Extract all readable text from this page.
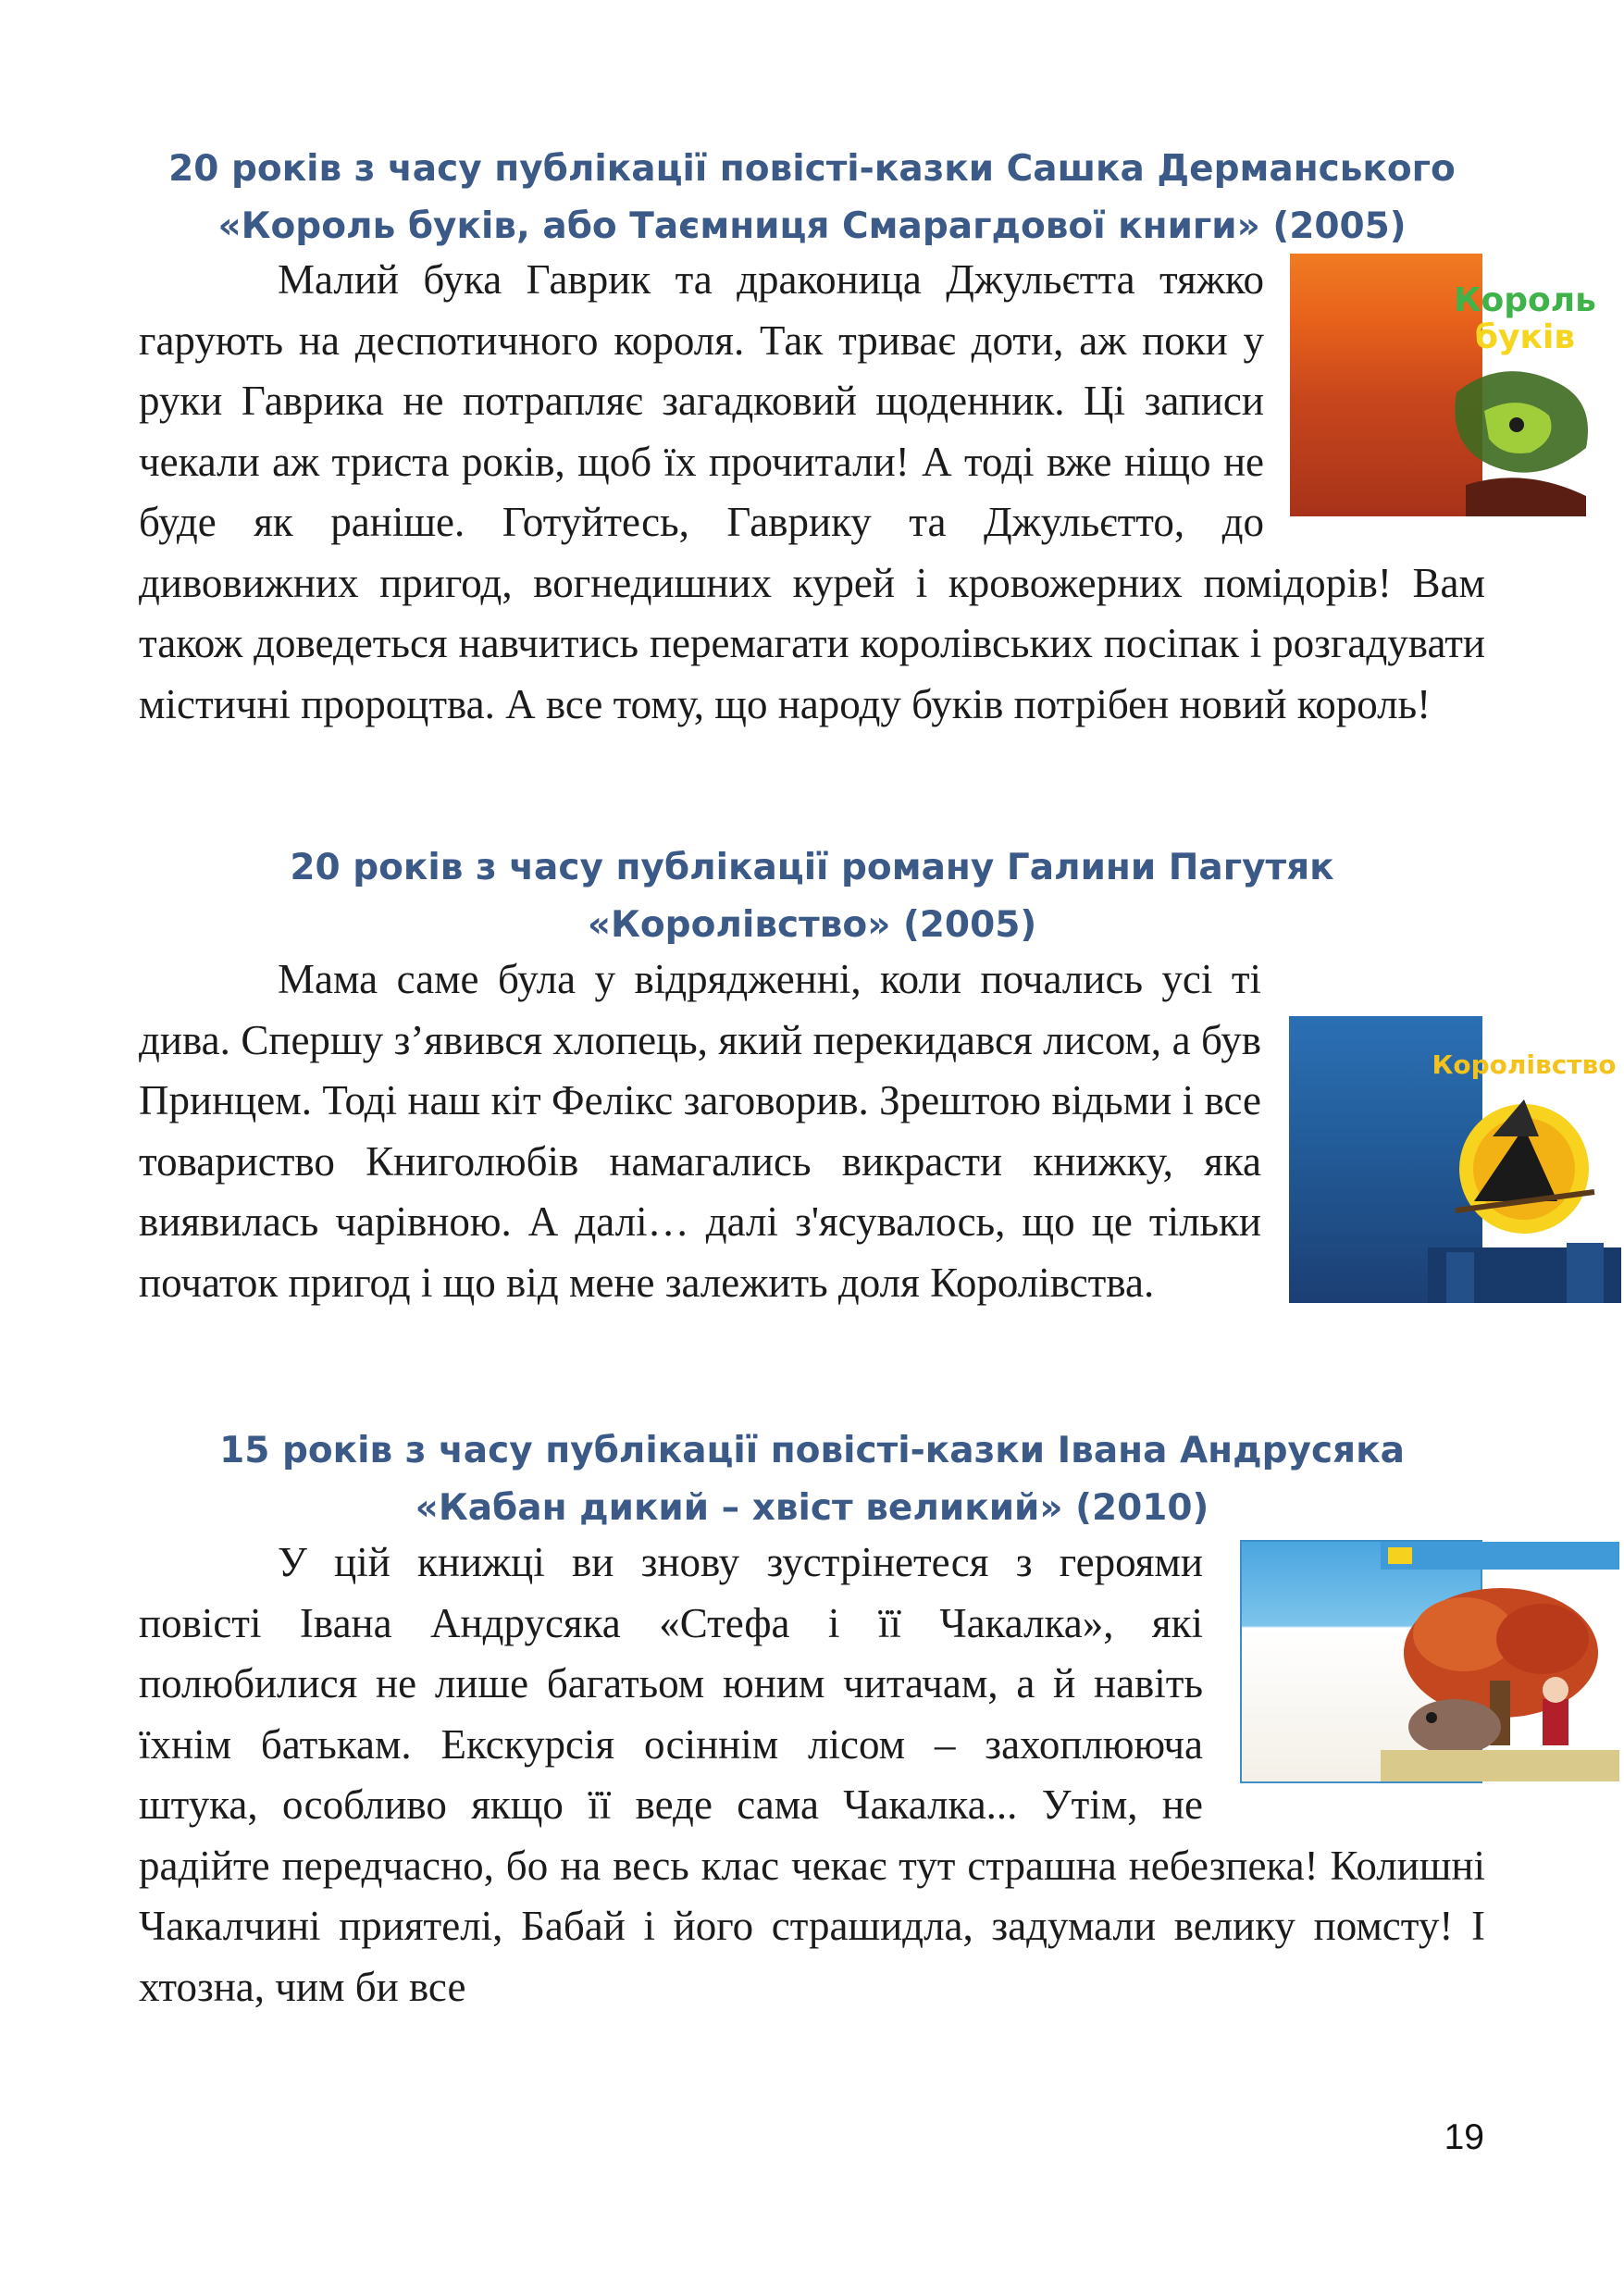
20 років з часу публікації повісті-казки Сашка Дерманського
«Король буків, або Таємниця Смарагдової книги» (2005)

Король
буків
Малий бука Гаврик та драконица Джульєтта тяжко гарують на деспотичного короля. Так триває доти, аж поки у руки Гаврика не потрапляє загадковий щоденник. Ці записи чекали аж триста років, щоб їх прочитали! А тоді вже ніщо не буде як раніше. Готуйтесь, Гаврику та Джульєтто, до дивовижних пригод, вогнедишних курей і кровожерних помідорів! Вам також доведеться навчитись перемагати королівських посіпак і розгадувати містичні пророцтва. А все тому, що народу буків потрібен новий король!

20 років з часу публікації роману Галини Пагутяк
«Королівство» (2005)

Королівство
Мама саме була у відрядженні, коли почались усі ті дива. Спершу з’явився хлопець, який перекидався лисом, а був Принцем. Тоді наш кіт Фелікс заговорив. Зрештою відьми і все товариство Книголюбів намагались викрасти книжку, яка виявилась чарівною. А далі… далі з'ясувалось, що це тільки початок пригод і що від мене залежить доля Королівства.

15 років з часу публікації повісті-казки Івана Андрусяка
«Кабан дикий – хвіст великий» (2010)

У цій книжці ви знову зустрінетеся з героями повісті Івана Андрусяка «Стефа і її Чакалка», які полюбилися не лише багатьом юним читачам, а й навіть їхнім батькам. Екскурсія осіннім лісом – захоплююча штука, особливо якщо її веде сама Чакалка... Утім, не радійте передчасно, бо на весь клас чекає тут страшна небезпека! Колишні Чакалчині приятелі, Бабай і його страшидла, задумали велику помсту! І хтозна, чим би все

19
